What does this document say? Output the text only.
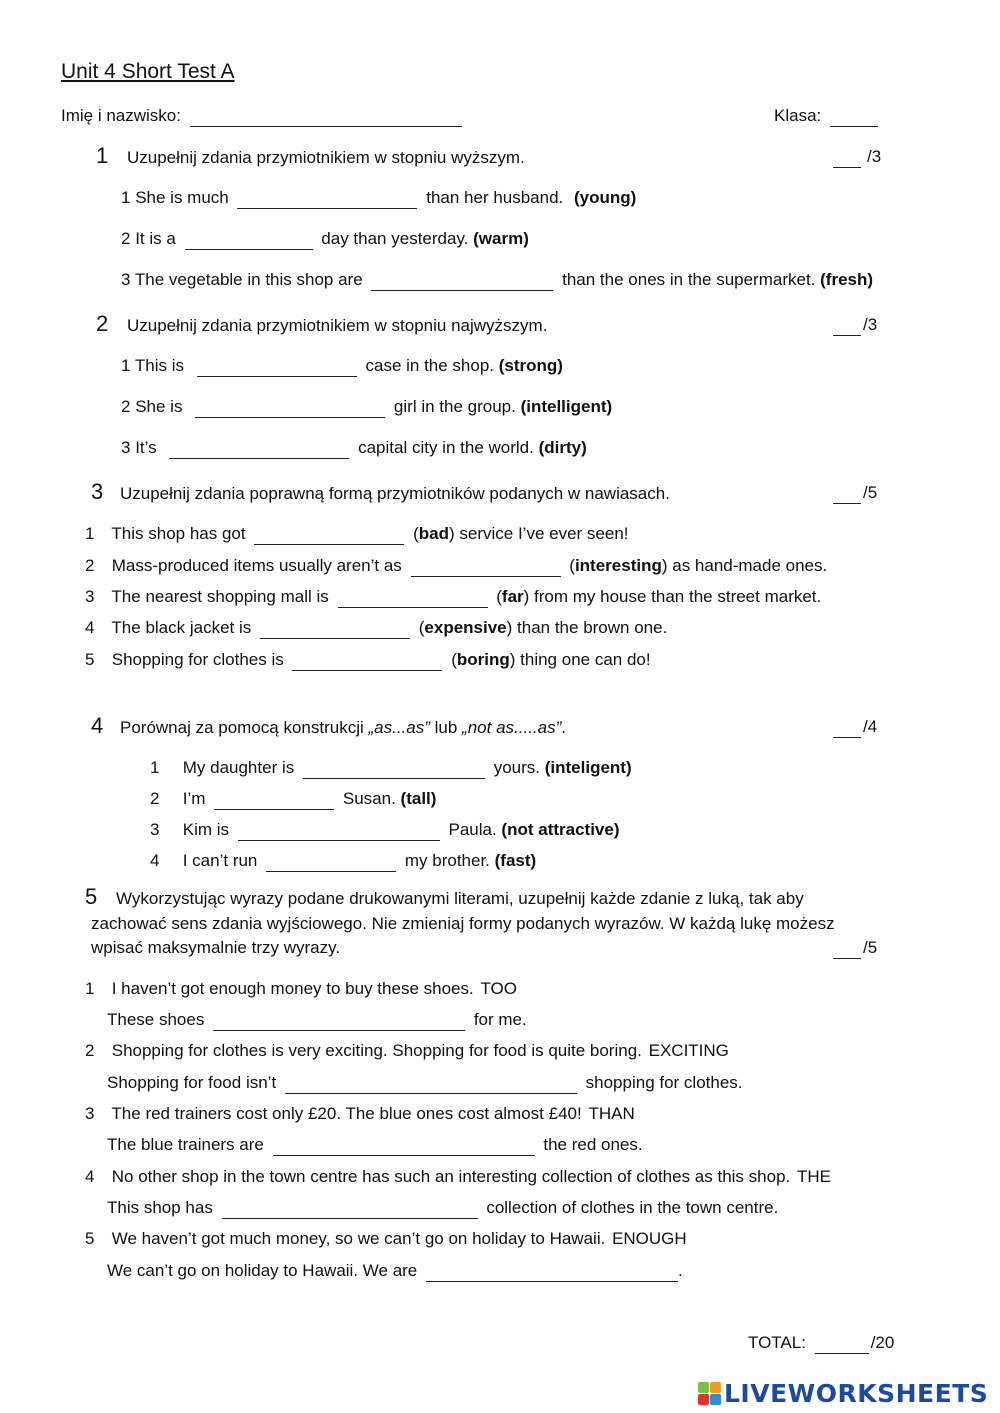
Unit 4 Short Test A
Imię i nazwisko:	Klasa:
1 Uzupełnij zdania przymiotnikiem w stopniu wyższym.	/3
1 She is much	than her husband. (young)
2 It is a	day than yesterday. (warm)
3 The vegetable in this shop are	than the ones in the supermarket. (fresh)
2 Uzupełnij zdania przymiotnikiem w stopniu najwyższym.	/3
1 This is	case in the shop. (strong)
2 She is	girl in the group. (intelligent)
3 It’s	capital city in the world. (dirty)
3 Uzupełnij zdania poprawną formą przymiotników podanych w nawiasach.	/5
1 This shop has got	(bad) service I’ve ever seen!
2 Mass-produced items usually aren’t as	(interesting) as hand-made ones.
3 The nearest shopping mall is	(far) from my house than the street market.
4 The black jacket is	(expensive) than the brown one.
5 Shopping for clothes is	(boring) thing one can do!
4 Porównaj za pomocą konstrukcji „as...as” lub „not as.....as”.	/4
1 My daughter is	yours. (inteligent)
2 I’m	Susan. (tall)
3 Kim is	Paula. (not attractive)
4 I can’t run	my brother. (fast)
5 Wykorzystując wyrazy podane drukowanymi literami, uzupełnij każde zdanie z luką, tak aby
zachować sens zdania wyjściowego. Nie zmieniaj formy podanych wyrazów. W każdą lukę możesz
wpisać maksymalnie trzy wyrazy.	/5
1 I haven’t got enough money to buy these shoes. TOO
These shoes	for me.
2 Shopping for clothes is very exciting. Shopping for food is quite boring. EXCITING
Shopping for food isn’t	shopping for clothes.
3 The red trainers cost only £20. The blue ones cost almost £40! THAN
The blue trainers are	the red ones.
4 No other shop in the town centre has such an interesting collection of clothes as this shop. THE
This shop has	collection of clothes in the town centre.
5 We haven’t got much money, so we can’t go on holiday to Hawaii. ENOUGH
We can’t go on holiday to Hawaii. We are	.
TOTAL:	/20
LIVEWORKSHEETS
